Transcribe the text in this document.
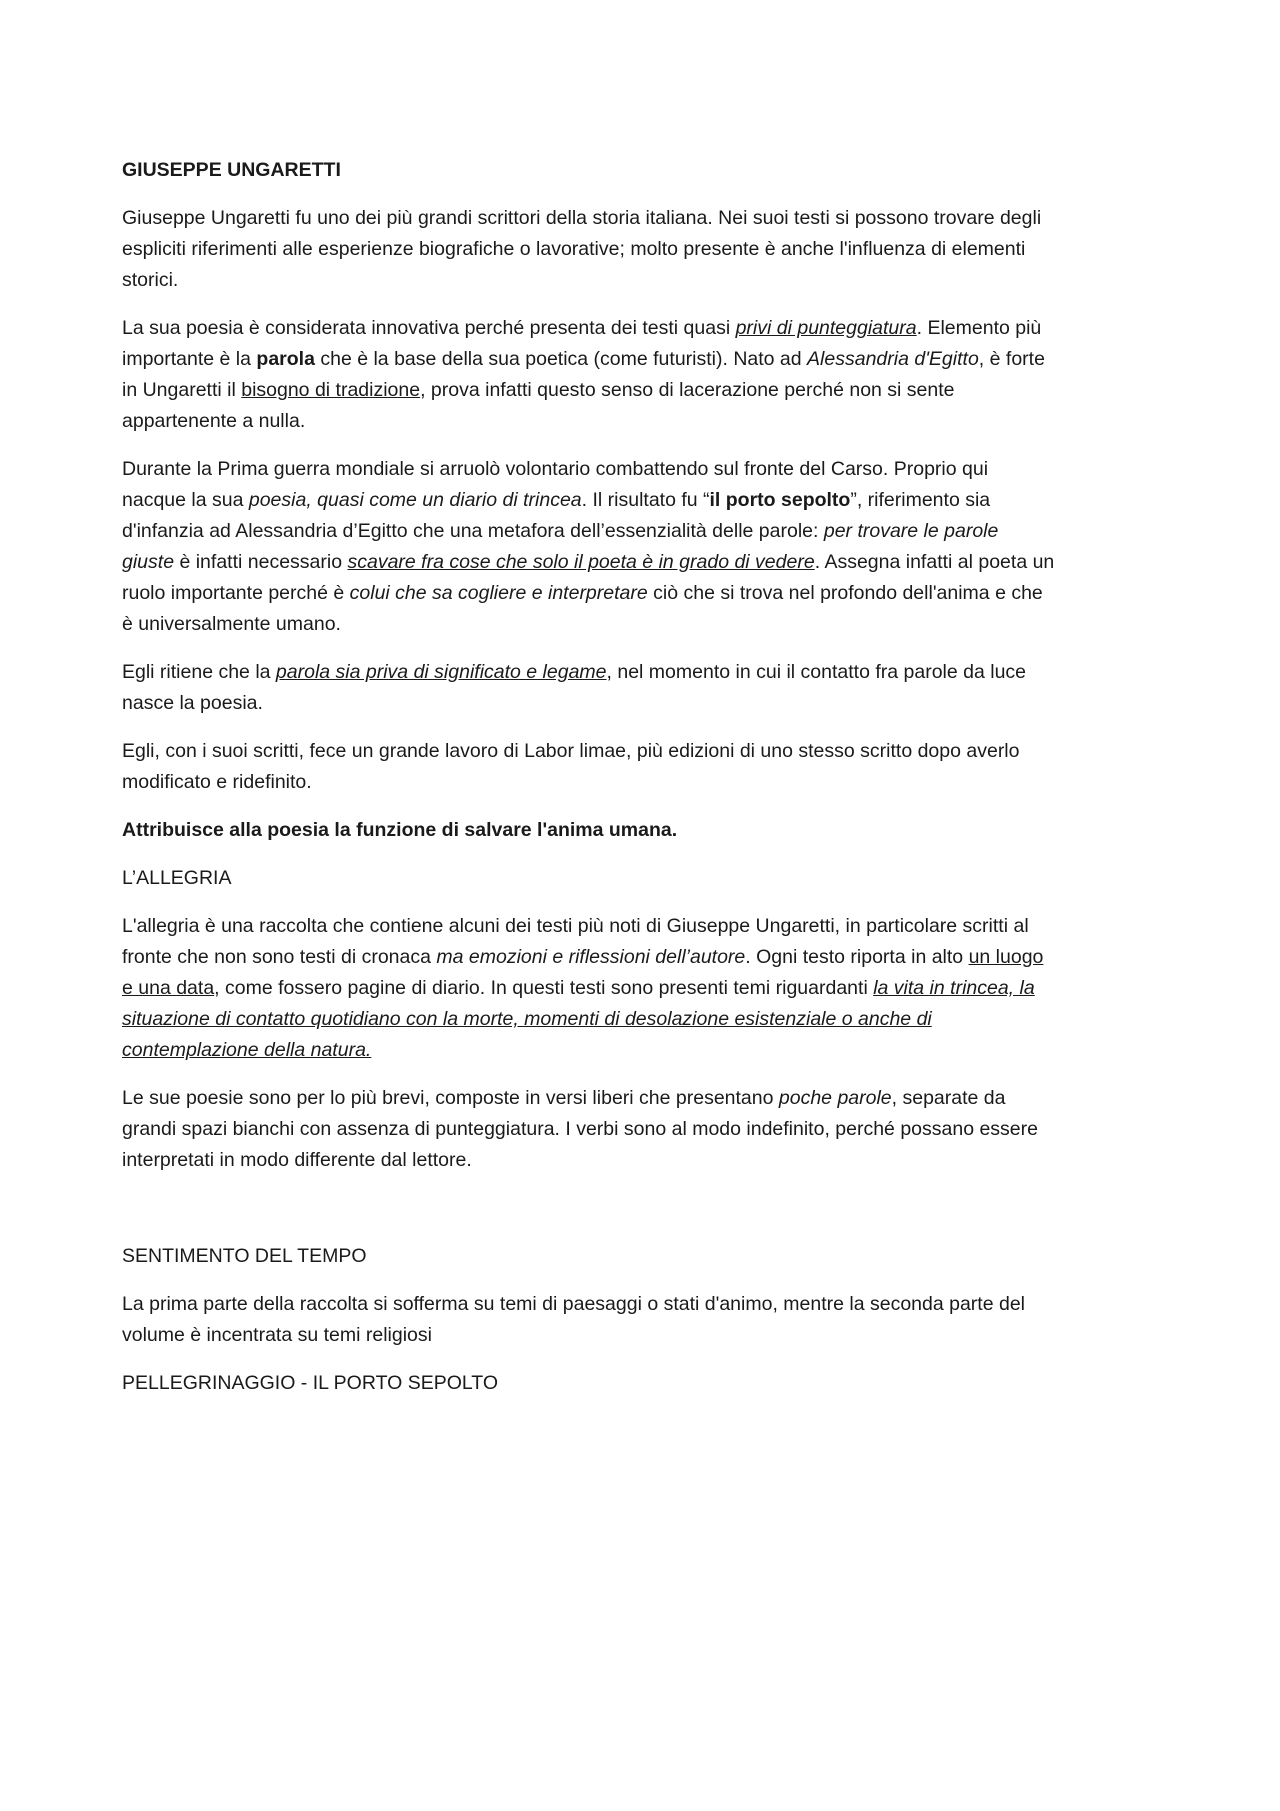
GIUSEPPE UNGARETTI

Giuseppe Ungaretti fu uno dei più grandi scrittori della storia italiana. Nei suoi testi si possono trovare degli

espliciti riferimenti alle esperienze biografiche o lavorative; molto presente è anche l'influenza di elementi

storici.

La sua poesia è considerata innovativa perché presenta dei testi quasi privi di punteggiatura. Elemento più

importante è la parola che è la base della sua poetica (come futuristi). Nato ad Alessandria d'Egitto, è forte

in Ungaretti il bisogno di tradizione, prova infatti questo senso di lacerazione perché non si sente

appartenente a nulla.

Durante la Prima guerra mondiale si arruolò volontario combattendo sul fronte del Carso. Proprio qui

nacque la sua poesia, quasi come un diario di trincea. Il risultato fu “il porto sepolto”, riferimento sia

d'infanzia ad Alessandria d’Egitto che una metafora dell’essenzialità delle parole: per trovare le parole

giuste è infatti necessario scavare fra cose che solo il poeta è in grado di vedere. Assegna infatti al poeta un

ruolo importante perché è colui che sa cogliere e interpretare ciò che si trova nel profondo dell'anima e che

è universalmente umano.

Egli ritiene che la parola sia priva di significato e legame, nel momento in cui il contatto fra parole da luce

nasce la poesia.

Egli, con i suoi scritti, fece un grande lavoro di Labor limae, più edizioni di uno stesso scritto dopo averlo

modificato e ridefinito.

Attribuisce alla poesia la funzione di salvare l'anima umana.

L’ALLEGRIA

L'allegria è una raccolta che contiene alcuni dei testi più noti di Giuseppe Ungaretti, in particolare scritti al

fronte che non sono testi di cronaca ma emozioni e riflessioni dell’autore. Ogni testo riporta in alto un luogo

e una data, come fossero pagine di diario. In questi testi sono presenti temi riguardanti la vita in trincea, la

situazione di contatto quotidiano con la morte, momenti di desolazione esistenziale o anche di

contemplazione della natura.

Le sue poesie sono per lo più brevi, composte in versi liberi che presentano poche parole, separate da

grandi spazi bianchi con assenza di punteggiatura. I verbi sono al modo indefinito, perché possano essere

interpretati in modo differente dal lettore.

SENTIMENTO DEL TEMPO

La prima parte della raccolta si sofferma su temi di paesaggi o stati d'animo, mentre la seconda parte del

volume è incentrata su temi religiosi

PELLEGRINAGGIO - IL PORTO SEPOLTO
